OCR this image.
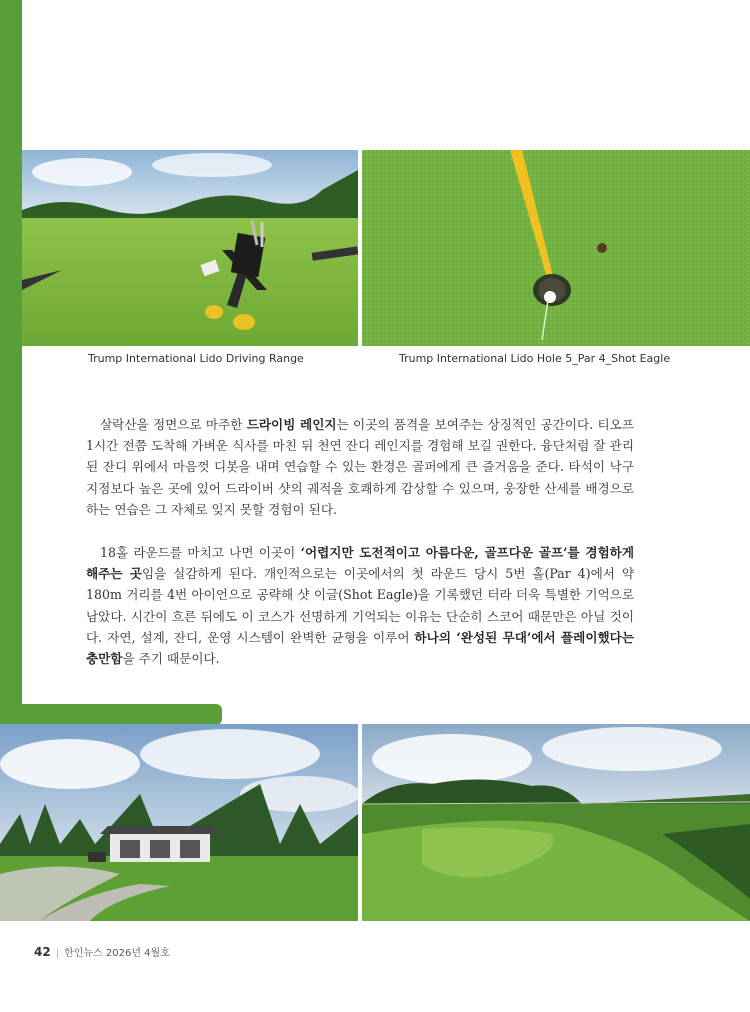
Trump International Lido Driving Range	Trump International Lido Hole 5_Par 4_Shot Eagle

살락산을 정면으로 마주한 드라이빙 레인지는 이곳의 품격을 보여주는 상징적인 공간이다. 티오프 1시간 전쯤 도착해 가벼운 식사를 마친 뒤 천연 잔디 레인지를 경험해 보길 권한다. 융단처럼 잘 관리된 잔디 위에서 마음껏 디봇을 내며 연습할 수 있는 환경은 골퍼에게 큰 즐거움을 준다. 타석이 낙구 지점보다 높은 곳에 있어 드라이버 샷의 궤적을 호쾌하게 감상할 수 있으며, 웅장한 산세를 배경으로 하는 연습은 그 자체로 잊지 못할 경험이 된다.

18홀 라운드를 마치고 나면 이곳이 ‘어렵지만 도전적이고 아름다운, 골프다운 골프’를 경험하게 해주는 곳임을 실감하게 된다. 개인적으로는 이곳에서의 첫 라운드 당시 5번 홀(Par 4)에서 약 180m 거리를 4번 아이언으로 공략해 샷 이글(Shot Eagle)을 기록했던 터라 더욱 특별한 기억으로 남았다. 시간이 흐른 뒤에도 이 코스가 선명하게 기억되는 이유는 단순히 스코어 때문만은 아닐 것이다. 자연, 설계, 잔디, 운영 시스템이 완벽한 균형을 이루어 하나의 ‘완성된 무대’에서 플레이했다는 충만함을 주기 때문이다.

42 | 한인뉴스 2026년 4월호
